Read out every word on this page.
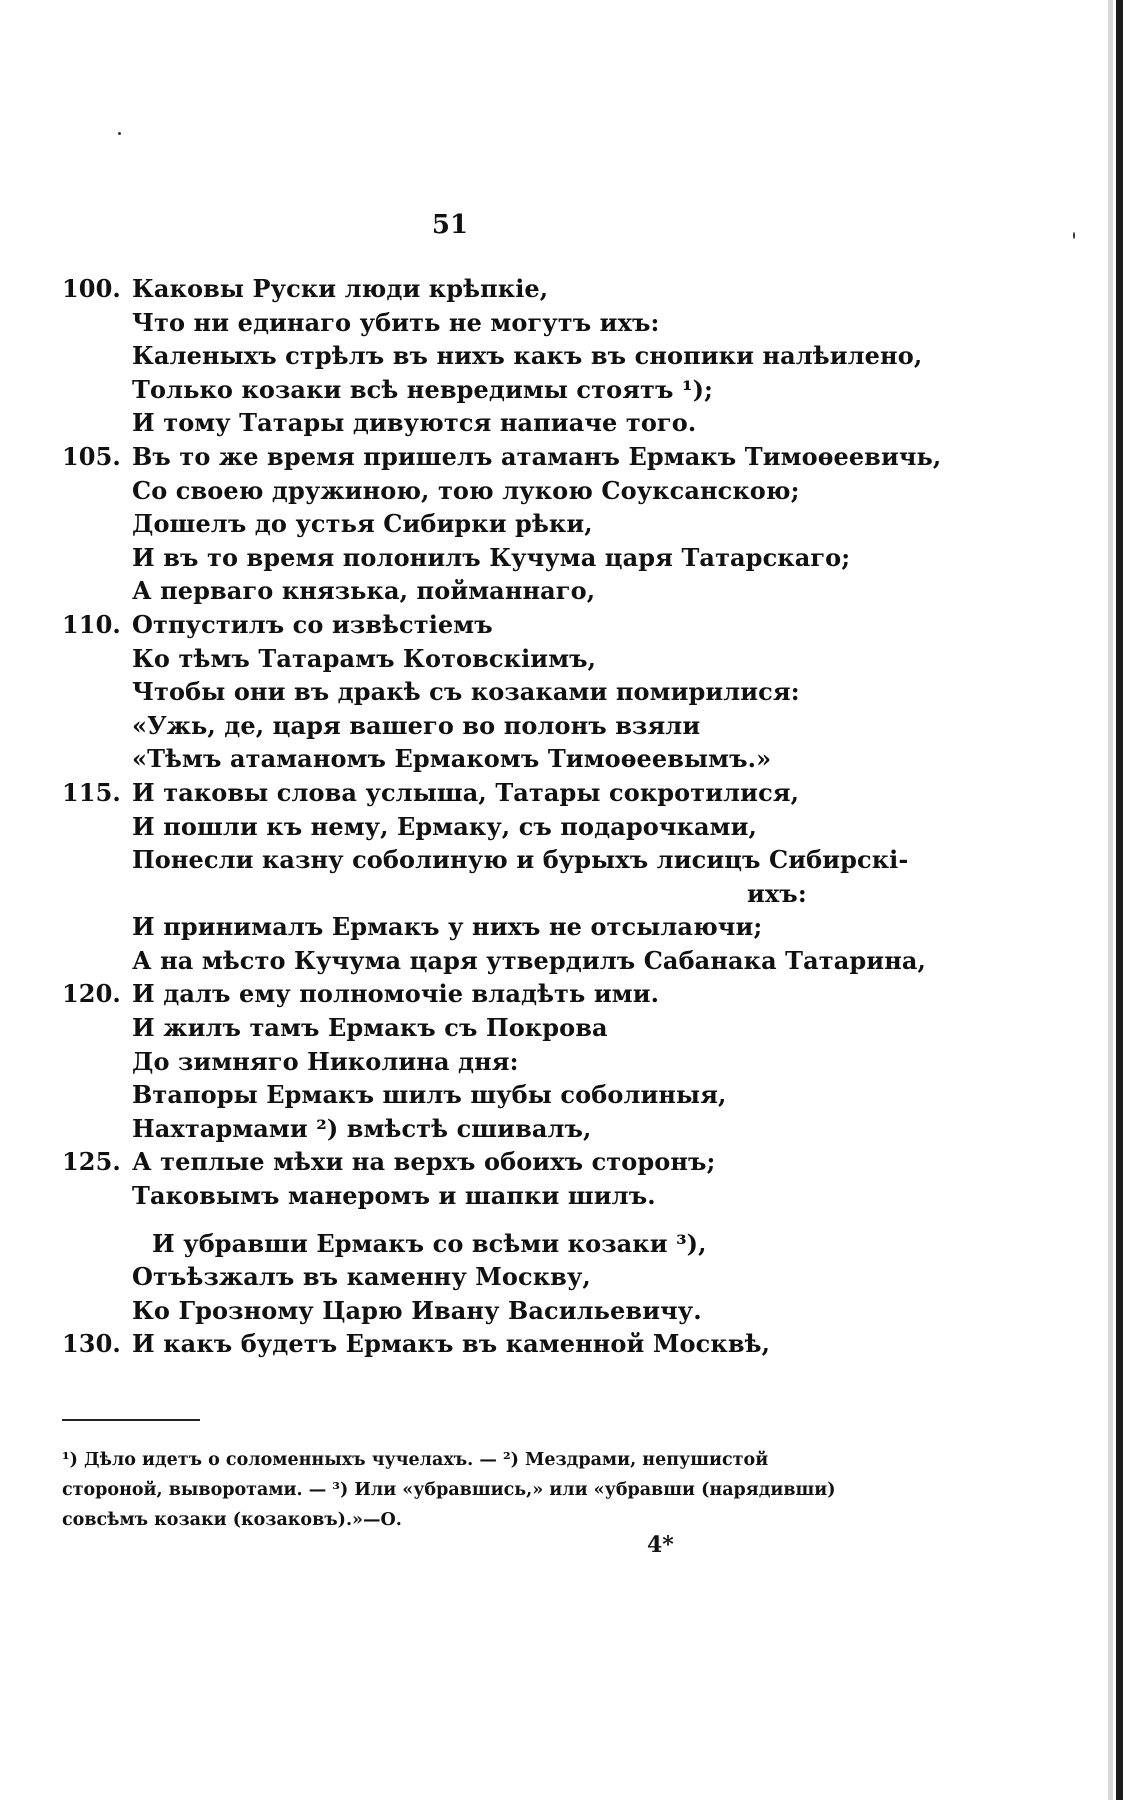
51
100. Каковы Руски люди крѣпкіе,
Что ни единаго убить не могутъ ихъ:
Каленыхъ стрѣлъ въ нихъ какъ въ снопики налѣилено,
Только козаки всѣ невредимы стоятъ ¹);
И тому Татары дивуются напиаче того.
105. Въ то же время пришелъ атаманъ Ермакъ Тимоѳеевичь,
Со своею дружиною, тою лукою Соуксанскою;
Дошелъ до устья Сибирки рѣки,
И въ то время полонилъ Кучума царя Татарскаго;
А перваго князька, пойманнаго,
110. Отпустилъ со извѣстіемъ
Ко тѣмъ Татарамъ Котовскіимъ,
Чтобы они въ дракѣ съ козаками помирилися:
«Ужь, де, царя вашего во полонъ взяли
«Тѣмъ атаманомъ Ермакомъ Тимоѳеевымъ.»
115. И таковы слова услыша, Татары сокротилися,
И пошли къ нему, Ермаку, съ подарочками,
Понесли казну соболиную и бурыхъ лисицъ Сибирскі-
ихъ:
И принималъ Ермакъ у нихъ не отсылаючи;
А на мѣсто Кучума царя утвердилъ Сабанака Татарина,
120. И далъ ему полномочіе владѣть ими.
И жилъ тамъ Ермакъ съ Покрова
До зимняго Николина дня:
Втапоры Ермакъ шилъ шубы соболиныя,
Нахтармами ²) вмѣстѣ сшивалъ,
125. А теплые мѣхи на верхъ обоихъ сторонъ;
Таковымъ манеромъ и шапки шилъ.
И убравши Ермакъ со всѣми козаки ³),
Отъѣзжалъ въ каменну Москву,
Ко Грозному Царю Ивану Васильевичу.
130. И какъ будетъ Ермакъ въ каменной Москвѣ,
¹) Дѣло идетъ о соломенныхъ чучелахъ. — ²) Мездрами, непушистой
стороной, выворотами. — ³) Или «убравшись,» или «убравши (нарядивши)
совсѣмъ козаки (козаковъ).»—О.
4*
